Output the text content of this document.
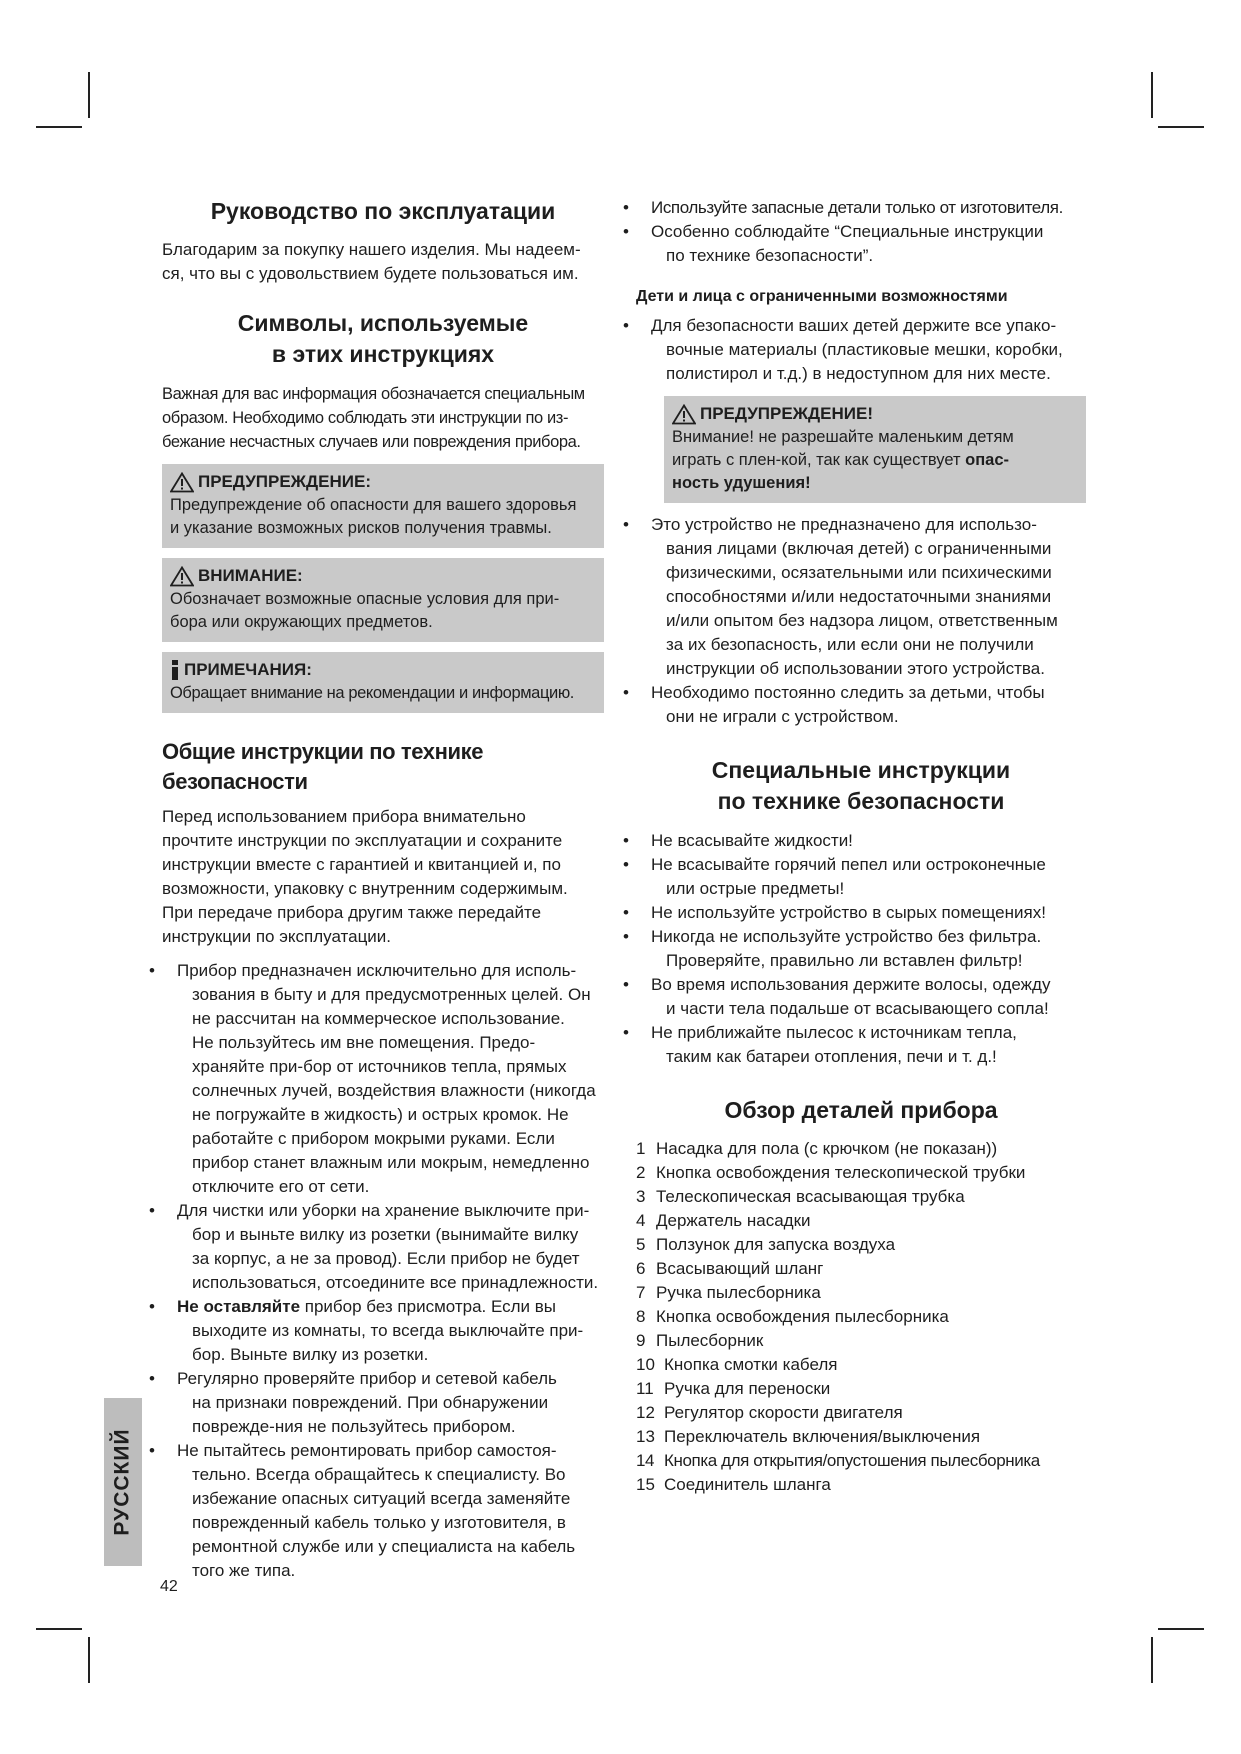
Руководство по эксплуатации

Благодарим за покупку нашего изделия. Мы надеем-
ся, что вы с удовольствием будете пользоваться им.

Символы, используемые
в этих инструкциях

Важная для вас информация обозначается специальным
образом. Необходимо соблюдать эти инструкции по из-
бежание несчастных случаев или повреждения прибора.

ПРЕДУПРЕЖДЕНИЕ:
Предупреждение об опасности для вашего здоровья
и указание возможных рисков получения травмы.
ВНИМАНИЕ:
Обозначает возможные опасные условия для при-
бора или окружающих предметов.
ПРИМЕЧАНИЯ:
Обращает внимание на рекомендации и информацию.
Общие инструкции по технике безопасности

Перед использованием прибора внимательно
прочтите инструкции по эксплуатации и сохраните
инструкции вместе с гарантией и квитанцией и, по
возможности, упаковку с внутренним содержимым.
При передаче прибора другим также передайте
инструкции по эксплуатации.

• Прибор предназначен исключительно для исполь-
зования в быту и для предусмотренных целей. Он
не рассчитан на коммерческое использование.
Не пользуйтесь им вне помещения. Предо-
храняйте при-бор от источников тепла, прямых
солнечных лучей, воздействия влажности (никогда
не погружайте в жидкость) и острых кромок. Не
работайте с прибором мокрыми руками. Если
прибор станет влажным или мокрым, немедленно
отключите его от сети.
• Для чистки или уборки на хранение выключите при-
бор и выньте вилку из розетки (вынимайте вилку
за корпус, а не за провод). Если прибор не будет
использоваться, отсоедините все принадлежности.
• Не оставляйте прибор без присмотра. Если вы
выходите из комнаты, то всегда выключайте при-
бор. Выньте вилку из розетки.
• Регулярно проверяйте прибор и сетевой кабель
на признаки повреждений. При обнаружении
поврежде-ния не пользуйтесь прибором.
• Не пытайтесь ремонтировать прибор самостоя-
тельно. Всегда обращайтесь к специалисту. Во
избежание опасных ситуаций всегда заменяйте
поврежденный кабель только у изготовителя, в
ремонтной службе или у специалиста на кабель
того же типа.
• Используйте запасные детали только от изготовителя.
• Особенно соблюдайте “Специальные инструкции
по технике безопасности”.
Дети и лица с ограниченными возможностями
• Для безопасности ваших детей держите все упако-
вочные материалы (пластиковые мешки, коробки,
полистирол и т.д.) в недоступном для них месте.
ПРЕДУПРЕЖДЕНИЕ!
Внимание! не разрешайте маленьким детям
играть с плен-кой, так как существует опас-
ность удушения!
• Это устройство не предназначено для использо-
вания лицами (включая детей) с ограниченными
физическими, осязательными или психическими
способностями и/или недостаточными знаниями
и/или опытом без надзора лицом, ответственным
за их безопасность, или если они не получили
инструкции об использовании этого устройства.
• Необходимо постоянно следить за детьми, чтобы
они не играли с устройством.
Специальные инструкции
по технике безопасности
• Не всасывайте жидкости!
• Не всасывайте горячий пепел или остроконечные
или острые предметы!
• Не используйте устройство в сырых помещениях!
• Никогда не используйте устройство без фильтра.
Проверяйте, правильно ли вставлен фильтр!
• Во время использования держите волосы, одежду
и части тела подальше от всасывающего сопла!
• Не приближайте пылесос к источникам тепла,
таким как батареи отопления, печи и т. д.!
Обзор деталей прибора
1 Насадка для пола (с крючком (не показан))
2 Кнопка освобождения телескопической трубки
3 Телескопическая всасывающая трубка
4 Держатель насадки
5 Ползунок для запуска воздуха
6 Всасывающий шланг
7 Ручка пылесборника
8 Кнопка освобождения пылесборника
9 Пылесборник
10 Кнопка смотки кабеля
11 Ручка для переноски
12 Регулятор скорости двигателя
13 Переключатель включения/выключения
14 Кнопка для открытия/опустошения пылесборника
15 Соединитель шланга
РУССКИЙ
42
